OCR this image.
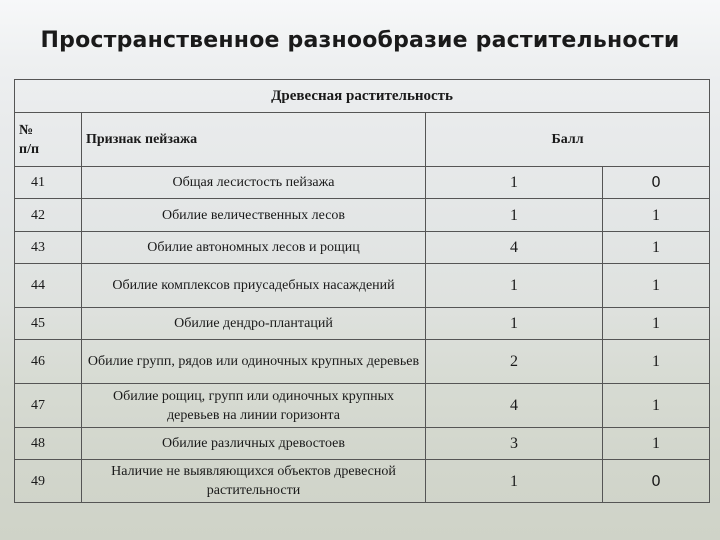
Пространственное разнообразие растительности
Древесная растительность			
№
п/п	Признак пейзажа	Балл	
41	Общая лесистость пейзажа	1	0
42	Обилие величественных лесов	1	1
43	Обилие автономных лесов и рощиц	4	1
44	Обилие комплексов приусадебных насаждений	1	1
45	Обилие дендро-плантаций	1	1
46	Обилие групп, рядов или одиночных крупных деревьев	2	1
47	Обилие рощиц, групп или одиночных крупных деревьев на линии горизонта	4	1
48	Обилие различных древостоев	3	1
49	Наличие не выявляющихся объектов древесной растительности	1	0
